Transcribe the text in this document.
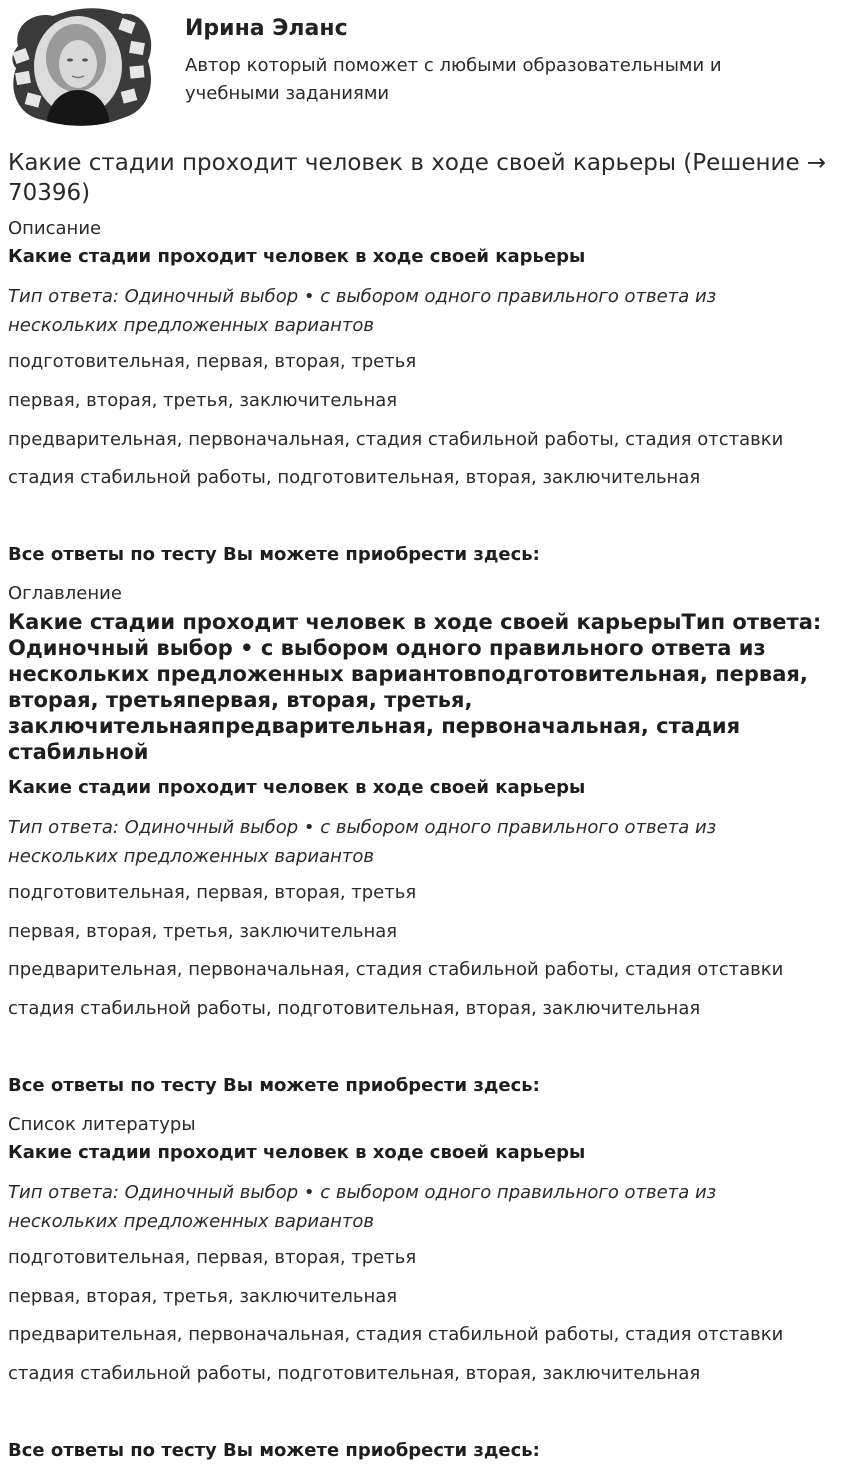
Ирина Эланс
Автор который поможет с любыми образовательными и учебными заданиями
Какие стадии проходит человек в ходе своей карьеры (Решение → 70396)
Описание
Какие стадии проходит человек в ходе своей карьеры
Тип ответа: Одиночный выбор • с выбором одного правильного ответа из нескольких предложенных вариантов
подготовительная, первая, вторая, третья
первая, вторая, третья, заключительная
предварительная, первоначальная, стадия стабильной работы, стадия отставки
стадия стабильной работы, подготовительная, вторая, заключительная
Все ответы по тесту Вы можете приобрести здесь:
Оглавление
Какие стадии проходит человек в ходе своей карьерыТип ответа: Одиночный выбор • с выбором одного правильного ответа из нескольких предложенных вариантовподготовительная, первая, вторая, третьяпервая, вторая, третья, заключительнаяпредварительная, первоначальная, стадия стабильной
Какие стадии проходит человек в ходе своей карьеры
Тип ответа: Одиночный выбор • с выбором одного правильного ответа из нескольких предложенных вариантов
подготовительная, первая, вторая, третья
первая, вторая, третья, заключительная
предварительная, первоначальная, стадия стабильной работы, стадия отставки
стадия стабильной работы, подготовительная, вторая, заключительная
Все ответы по тесту Вы можете приобрести здесь:
Список литературы
Какие стадии проходит человек в ходе своей карьеры
Тип ответа: Одиночный выбор • с выбором одного правильного ответа из нескольких предложенных вариантов
подготовительная, первая, вторая, третья
первая, вторая, третья, заключительная
предварительная, первоначальная, стадия стабильной работы, стадия отставки
стадия стабильной работы, подготовительная, вторая, заключительная
Все ответы по тесту Вы можете приобрести здесь:
